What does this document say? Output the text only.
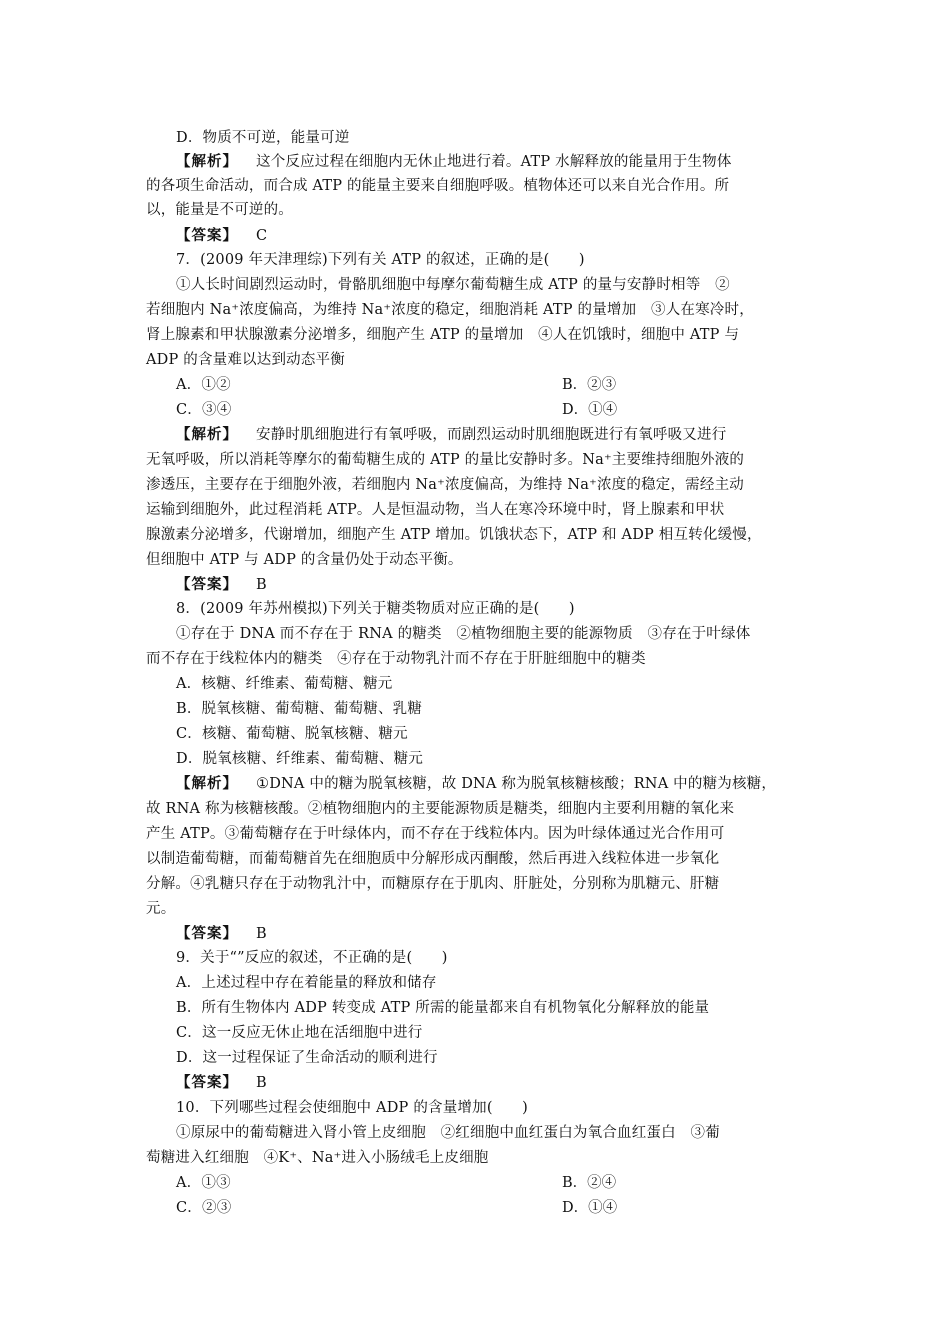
D．物质不可逆，能量可逆
【解析】 这个反应过程在细胞内无休止地进行着。ATP 水解释放的能量用于生物体
的各项生命活动，而合成 ATP 的能量主要来自细胞呼吸。植物体还可以来自光合作用。所
以，能量是不可逆的。
【答案】 C
7．(2009 年天津理综)下列有关 ATP 的叙述，正确的是(　　)
①人长时间剧烈运动时，骨骼肌细胞中每摩尔葡萄糖生成 ATP 的量与安静时相等　②
若细胞内 Na⁺浓度偏高，为维持 Na⁺浓度的稳定，细胞消耗 ATP 的量增加　③人在寒冷时，
肾上腺素和甲状腺激素分泌增多，细胞产生 ATP 的量增加　④人在饥饿时，细胞中 ATP 与
ADP 的含量难以达到动态平衡
A．①②	B．②③
C．③④	D．①④
【解析】 安静时肌细胞进行有氧呼吸，而剧烈运动时肌细胞既进行有氧呼吸又进行
无氧呼吸，所以消耗等摩尔的葡萄糖生成的 ATP 的量比安静时多。Na⁺主要维持细胞外液的
渗透压，主要存在于细胞外液，若细胞内 Na⁺浓度偏高，为维持 Na⁺浓度的稳定，需经主动
运输到细胞外，此过程消耗 ATP。人是恒温动物，当人在寒冷环境中时，肾上腺素和甲状
腺激素分泌增多，代谢增加，细胞产生 ATP 增加。饥饿状态下，ATP 和 ADP 相互转化缓慢，
但细胞中 ATP 与 ADP 的含量仍处于动态平衡。
【答案】 B
8．(2009 年苏州模拟)下列关于糖类物质对应正确的是(　　)
①存在于 DNA 而不存在于 RNA 的糖类　②植物细胞主要的能源物质　③存在于叶绿体
而不存在于线粒体内的糖类　④存在于动物乳汁而不存在于肝脏细胞中的糖类
A．核糖、纤维素、葡萄糖、糖元
B．脱氧核糖、葡萄糖、葡萄糖、乳糖
C．核糖、葡萄糖、脱氧核糖、糖元
D．脱氧核糖、纤维素、葡萄糖、糖元
【解析】 ①DNA 中的糖为脱氧核糖，故 DNA 称为脱氧核糖核酸；RNA 中的糖为核糖，
故 RNA 称为核糖核酸。②植物细胞内的主要能源物质是糖类，细胞内主要利用糖的氧化来
产生 ATP。③葡萄糖存在于叶绿体内，而不存在于线粒体内。因为叶绿体通过光合作用可
以制造葡萄糖，而葡萄糖首先在细胞质中分解形成丙酮酸，然后再进入线粒体进一步氧化
分解。④乳糖只存在于动物乳汁中，而糖原存在于肌肉、肝脏处，分别称为肌糖元、肝糖
元。
【答案】 B
9．关于“”反应的叙述，不正确的是(　　)
A．上述过程中存在着能量的释放和储存
B．所有生物体内 ADP 转变成 ATP 所需的能量都来自有机物氧化分解释放的能量
C．这一反应无休止地在活细胞中进行
D．这一过程保证了生命活动的顺利进行
【答案】 B
10．下列哪些过程会使细胞中 ADP 的含量增加(　　)
①原尿中的葡萄糖进入肾小管上皮细胞　②红细胞中血红蛋白为氧合血红蛋白　③葡
萄糖进入红细胞　④K⁺、Na⁺进入小肠绒毛上皮细胞
A．①③	B．②④
C．②③	D．①④
